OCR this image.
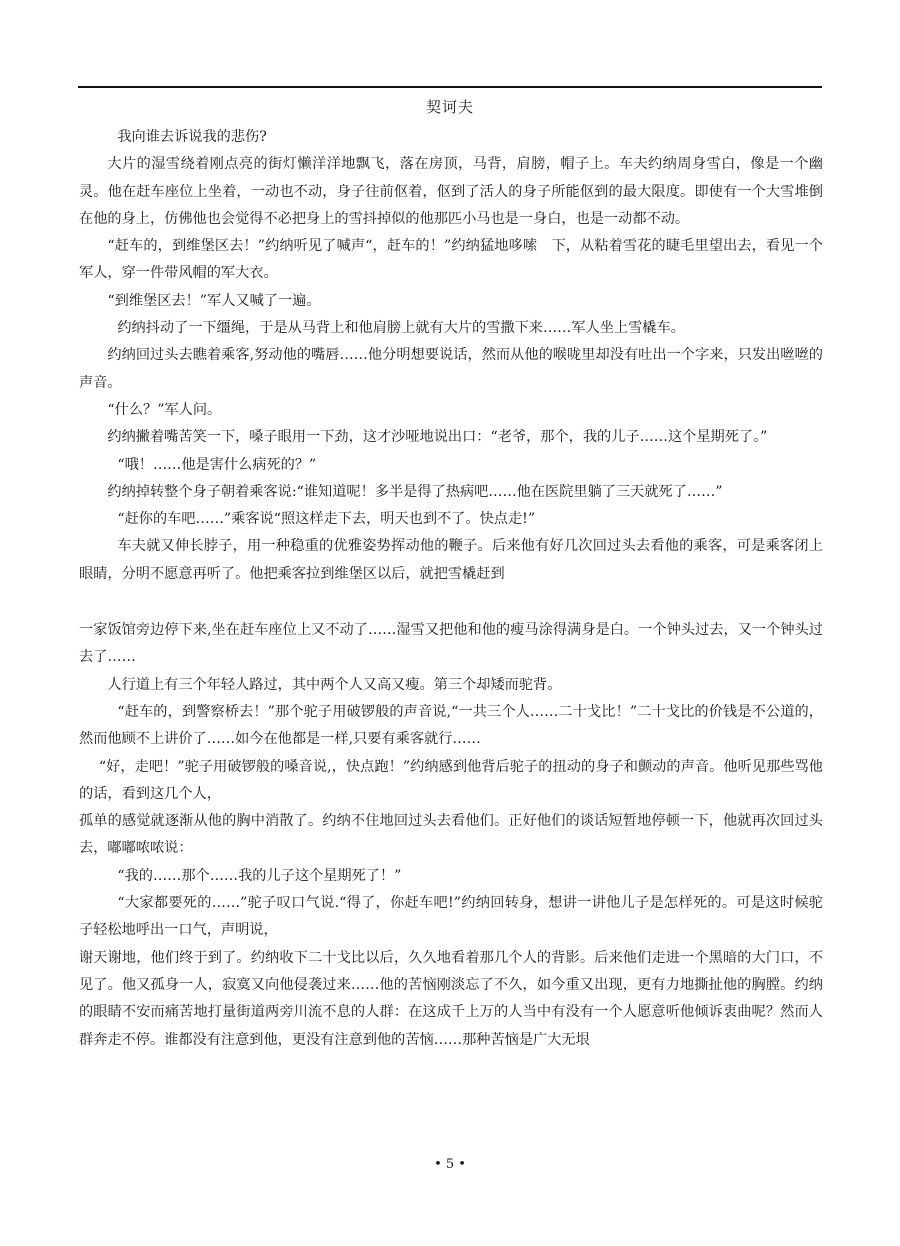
契诃夫

我向谁去诉说我的悲伤?

大片的湿雪绕着刚点亮的街灯懒洋洋地飘飞，落在房顶，马背，肩膀，帽子上。车夫约纳周身雪白，像是一个幽灵。他在赶车座位上坐着，一动也不动，身子往前伛着，伛到了活人的身子所能伛到的最大限度。即使有一个大雪堆倒在他的身上，仿佛他也会觉得不必把身上的雪抖掉似的他那匹小马也是一身白，也是一动都不动。

“赶车的，到维堡区去！”约纳听见了喊声“，赶车的！”约纳猛地哆嗦　下，从粘着雪花的睫毛里望出去，看见一个军人，穿一件带风帽的军大衣。

“到维堡区去！”军人又喊了一遍。

约纳抖动了一下缰绳，于是从马背上和他肩膀上就有大片的雪撒下来……军人坐上雪橇车。

约纳回过头去瞧着乘客,努动他的嘴唇……他分明想要说话，然而从他的喉咙里却没有吐出一个字来，只发出咝咝的声音。

“什么？”军人问。

约纳撇着嘴苦笑一下，嗓子眼用一下劲，这才沙哑地说出口：“老爷，那个，我的儿子……这个星期死了。”

“哦！……他是害什么病死的？”

约纳掉转整个身子朝着乘客说:“谁知道呢！多半是得了热病吧……他在医院里躺了三天就死了……”

“赶你的车吧……”乘客说“照这样走下去，明天也到不了。快点走!”

车夫就又伸长脖子，用一种稳重的优雅姿势挥动他的鞭子。后来他有好几次回过头去看他的乘客，可是乘客闭上眼睛，分明不愿意再听了。他把乘客拉到维堡区以后，就把雪橇赶到

一家饭馆旁边停下来,坐在赶车座位上又不动了……湿雪又把他和他的瘦马涂得满身是白。一个钟头过去，又一个钟头过去了……

人行道上有三个年轻人路过，其中两个人又高又瘦。第三个却矮而驼背。

“赶车的，到警察桥去！”那个驼子用破锣般的声音说,“一共三个人……二十戈比！”二十戈比的价钱是不公道的，然而他顾不上讲价了……如今在他都是一样,只要有乘客就行……

“好，走吧！”驼子用破锣般的嗓音说,，快点跑！”约纳感到他背后驼子的扭动的身子和颤动的声音。他听见那些骂他的话，看到这几个人，

孤单的感觉就逐渐从他的胸中消散了。约纳不住地回过头去看他们。正好他们的谈话短暂地停顿一下，他就再次回过头去，嘟嘟哝哝说：

“我的……那个……我的儿子这个星期死了！”

“大家都要死的……”驼子叹口气说.“得了，你赶车吧!”约纳回转身，想讲一讲他儿子是怎样死的。可是这时候驼子轻松地呼出一口气，声明说，

谢天谢地，他们终于到了。约纳收下二十戈比以后，久久地看着那几个人的背影。后来他们走进一个黑暗的大门口，不见了。他又孤身一人，寂寞又向他侵袭过来……他的苦恼刚淡忘了不久，如今重又出现，更有力地撕扯他的胸膛。约纳的眼睛不安而痛苦地打量街道两旁川流不息的人群：在这成千上万的人当中有没有一个人愿意听他倾诉衷曲呢？然而人群奔走不停。谁都没有注意到他，更没有注意到他的苦恼……那种苦恼是广大无垠

• 5 •
